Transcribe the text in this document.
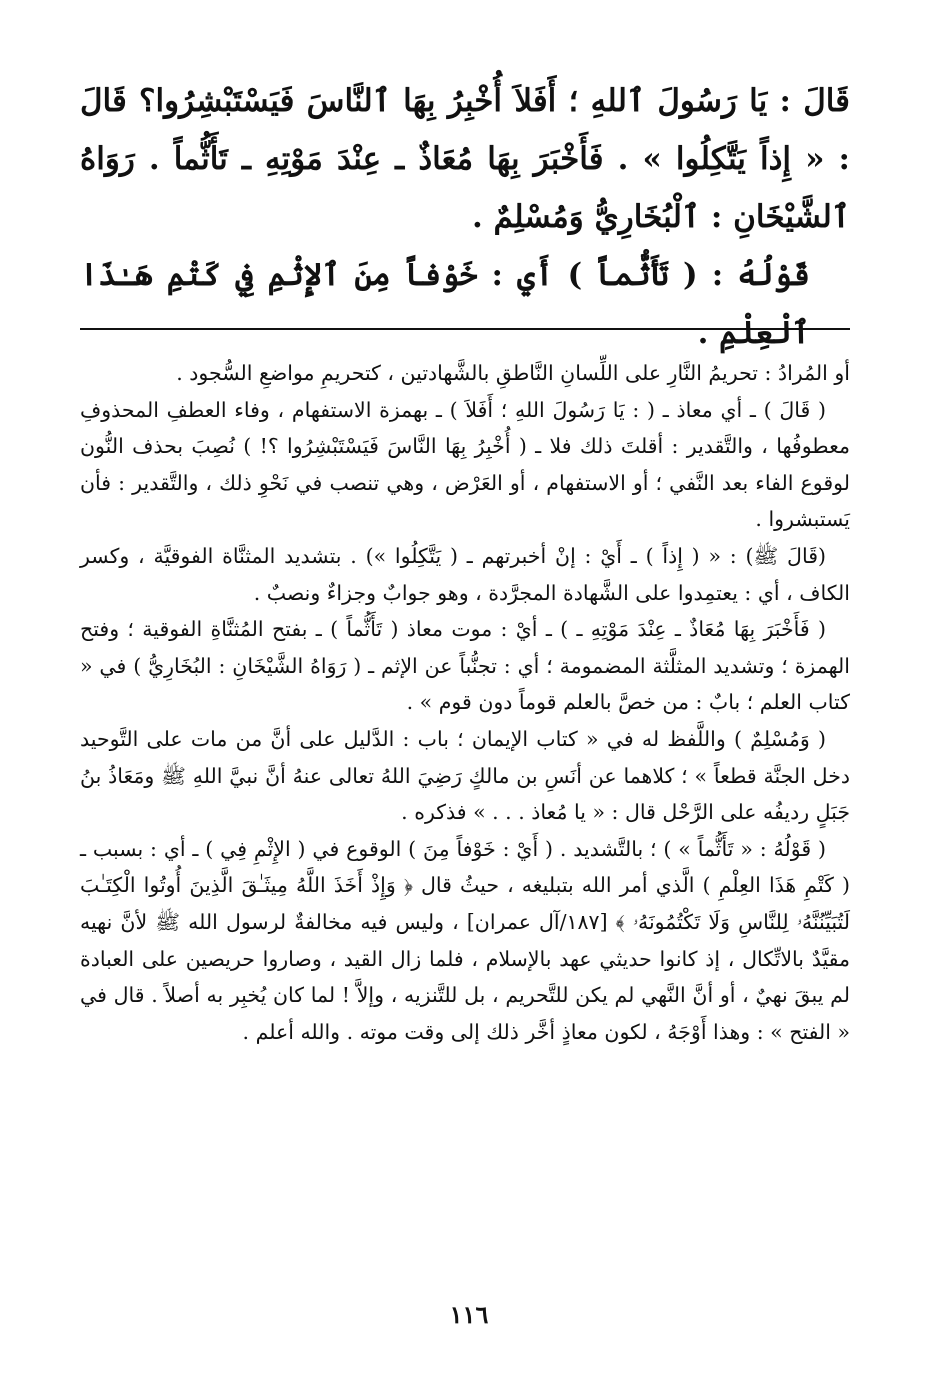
قَالَ : يَا رَسُولَ ٱللهِ ؛ أَفَلاَ أُخْبِرُ بِهَا ٱلنَّاسَ فَيَسْتَبْشِرُوا؟ قَالَ : « إِذاً يَتَّكِلُوا » . فَأَخْبَرَ بِهَا مُعَاذٌ ـ عِنْدَ مَوْتِهِ ـ تَأَثُّماً . رَوَاهُ ٱلشَّيْخَانِ : ٱلْبُخَارِيُّ وَمُسْلِمٌ .

قَوْلُهُ : ( تَأَثُّماً ) أَي : خَوْفاً مِنَ ٱلإِثْمِ فِي كَتْمِ هَـٰذَا ٱلْعِلْمِ .

أو المُرادُ : تحريمُ النَّارِ على اللِّسانِ النَّاطقِ بالشَّهادتين ، كتحريمِ مواضعِ السُّجود .

( قَالَ ) ـ أي معاذ ـ ( : يَا رَسُولَ اللهِ ؛ أَفَلاَ ) ـ بهمزة الاستفهام ، وفاء العطفِ المحذوفِ معطوفُها ، والتَّقدير : أقلتَ ذلك فلا ـ ( أُخْبِرُ بِهَا النَّاسَ فَيَسْتَبْشِرُوا ؟! ) نُصِبَ بحذف النُّون لوقوع الفاء بعد النَّفي ؛ أو الاستفهام ، أو العَرْض ، وهي تنصب في نَحْوِ ذلك ، والتَّقدير : فأن يَستبشروا .

(قَالَ ﷺ) : « ( إِذاً ) ـ أَيْ : إنْ أخبرتهم ـ ( يَتَّكِلُوا ») . بتشديد المثنَّاة الفوقيَّة ، وكسر الكاف ، أي : يعتمِدوا على الشَّهادة المجرَّدة ، وهو جوابٌ وجزاءٌ ونصبٌ .

( فَأَخْبَرَ بِهَا مُعَاذٌ ـ عِنْدَ مَوْتِهِ ـ ) ـ أيْ : موت معاذ ( تَأَثُّماً ) ـ بفتح المُثنَّاةِ الفوقية ؛ وفتح الهمزة ؛ وتشديد المثلَّثة المضمومة ؛ أي : تجنُّباً عن الإثم ـ ( رَوَاهُ الشَّيْخَانِ : البُخَارِيُّ ) في « كتاب العلم ؛ بابٌ : من خصَّ بالعلم قوماً دون قوم » .

( وَمُسْلِمٌ ) واللَّفظ له في « كتاب الإيمان ؛ باب : الدَّليل على أنَّ من مات على التَّوحيد دخل الجنَّة قطعاً » ؛ كلاهما عن أنَسِ بن مالكٍ رَضِيَ اللهُ تعالى عنهُ أنَّ نبيَّ اللهِ ﷺ ومَعَاذُ بنُ جَبَلٍ رديفُه على الرَّحْل قال : « يا مُعاذ . . . » فذكره .

( قَوْلُهُ : « تَأَثُّماً » ) ؛ بالتَّشديد . ( أَيْ : خَوْفاً مِنَ ) الوقوع في ( الإِثْمِ فِي ) ـ أي : بسبب ـ ( كَتْمِ هَذَا العِلْمِ ) الَّذي أمر الله بتبليغه ، حيثُ قال ﴿ وَإِذْ أَخَذَ اللَّهُ مِيثَـٰقَ الَّذِينَ أُوتُوا الْكِتَـٰبَ لَتُبَيِّنُنَّهُۥ لِلنَّاسِ وَلَا تَكْتُمُونَهُۥ ﴾ [١٨٧/آل عمران] ، وليس فيه مخالفةٌ لرسول الله ﷺ لأنَّ نهيه مقيَّدٌ بالاتِّكال ، إذ كانوا حديثي عهد بالإسلام ، فلما زال القيد ، وصاروا حريصين على العبادة لم يبقَ نهيٌ ، أو أنَّ النَّهي لم يكن للتَّحريم ، بل للتَّنزيه ، وإلاَّ ! لما كان يُخبِر به أصلاً . قال في « الفتح » : وهذا أَوْجَهُ ، لكون معاذٍ أخَّر ذلك إلى وقت موته . والله أعلم .

١١٦
